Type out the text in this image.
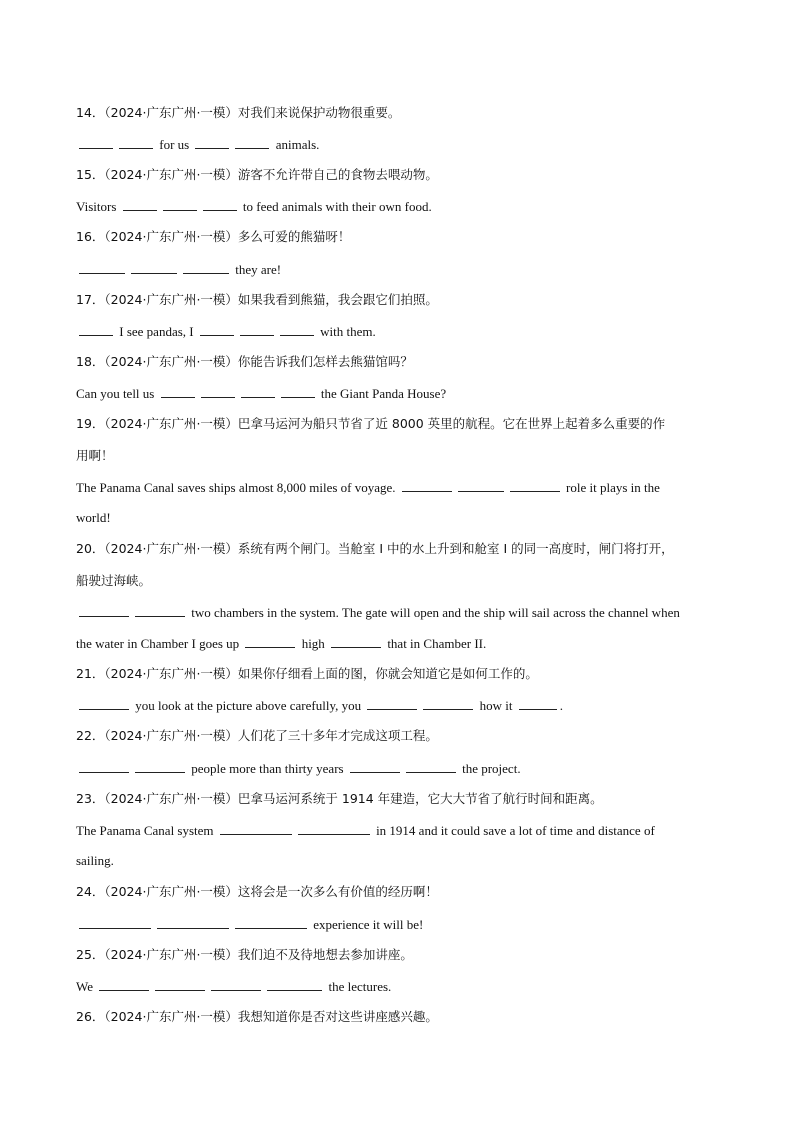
14．（2024·广东广州·一模）对我们来说保护动物很重要。
for us	animals.
15．（2024·广东广州·一模）游客不允许带自己的食物去喂动物。
Visitors	to feed animals with their own food.
16．（2024·广东广州·一模）多么可爱的熊猫呀！
they are!
17．（2024·广东广州·一模）如果我看到熊猫，我会跟它们拍照。
I see pandas, I	with them.
18．（2024·广东广州·一模）你能告诉我们怎样去熊猫馆吗？
Can you tell us	the Giant Panda House?
19．（2024·广东广州·一模）巴拿马运河为船只节省了近 8000 英里的航程。它在世界上起着多么重要的作
用啊！
The Panama Canal saves ships almost 8,000 miles of voyage.	role it plays in the
world!
20．（2024·广东广州·一模）系统有两个闸门。当舱室 I 中的水上升到和舱室 I 的同一高度时，闸门将打开，
船驶过海峡。
two chambers in the system. The gate will open and the ship will sail across the channel when
the water in Chamber I goes up	high	that in Chamber II.
21．（2024·广东广州·一模）如果你仔细看上面的图，你就会知道它是如何工作的。
you look at the picture above carefully, you	how it	.
22．（2024·广东广州·一模）人们花了三十多年才完成这项工程。
people more than thirty years	the project.
23．（2024·广东广州·一模）巴拿马运河系统于 1914 年建造，它大大节省了航行时间和距离。
The Panama Canal system	in 1914 and it could save a lot of time and distance of
sailing.
24．（2024·广东广州·一模）这将会是一次多么有价值的经历啊！
experience it will be!
25．（2024·广东广州·一模）我们迫不及待地想去参加讲座。
We	the lectures.
26．（2024·广东广州·一模）我想知道你是否对这些讲座感兴趣。
